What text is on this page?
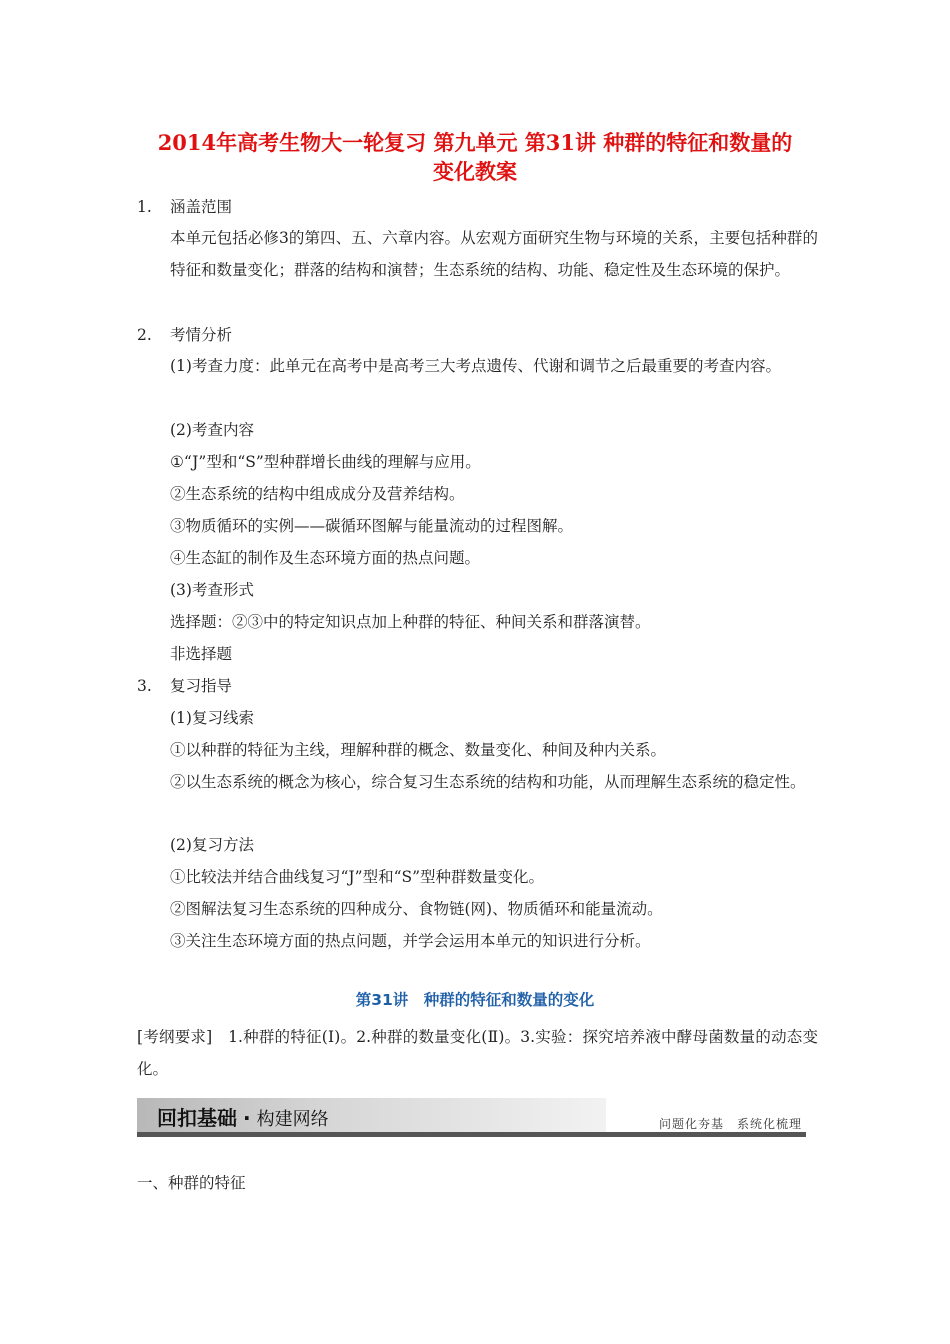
2014年高考生物大一轮复习 第九单元 第31讲 种群的特征和数量的
变化教案
1. 涵盖范围
本单元包括必修3的第四、五、六章内容。从宏观方面研究生物与环境的关系，主要包括种群的特征和数量变化；群落的结构和演替；生态系统的结构、功能、稳定性及生态环境的保护。
2. 考情分析
(1)考查力度：此单元在高考中是高考三大考点遗传、代谢和调节之后最重要的考查内容。
(2)考查内容
①“J”型和“S”型种群增长曲线的理解与应用。
②生态系统的结构中组成成分及营养结构。
③物质循环的实例——碳循环图解与能量流动的过程图解。
④生态缸的制作及生态环境方面的热点问题。
(3)考查形式
选择题：②③中的特定知识点加上种群的特征、种间关系和群落演替。
非选择题
3. 复习指导
(1)复习线索
①以种群的特征为主线，理解种群的概念、数量变化、种间及种内关系。
②以生态系统的概念为核心，综合复习生态系统的结构和功能，从而理解生态系统的稳定性。
(2)复习方法
①比较法并结合曲线复习“J”型和“S”型种群数量变化。
②图解法复习生态系统的四种成分、食物链(网)、物质循环和能量流动。
③关注生态环境方面的热点问题，并学会运用本单元的知识进行分析。
第31讲　种群的特征和数量的变化
[考纲要求]　1.种群的特征(Ⅰ)。2.种群的数量变化(Ⅱ)。3.实验：探究培养液中酵母菌数量的动态变化。
回扣基础 · 构建网络	问题化夯基　系统化梳理
一、种群的特征
